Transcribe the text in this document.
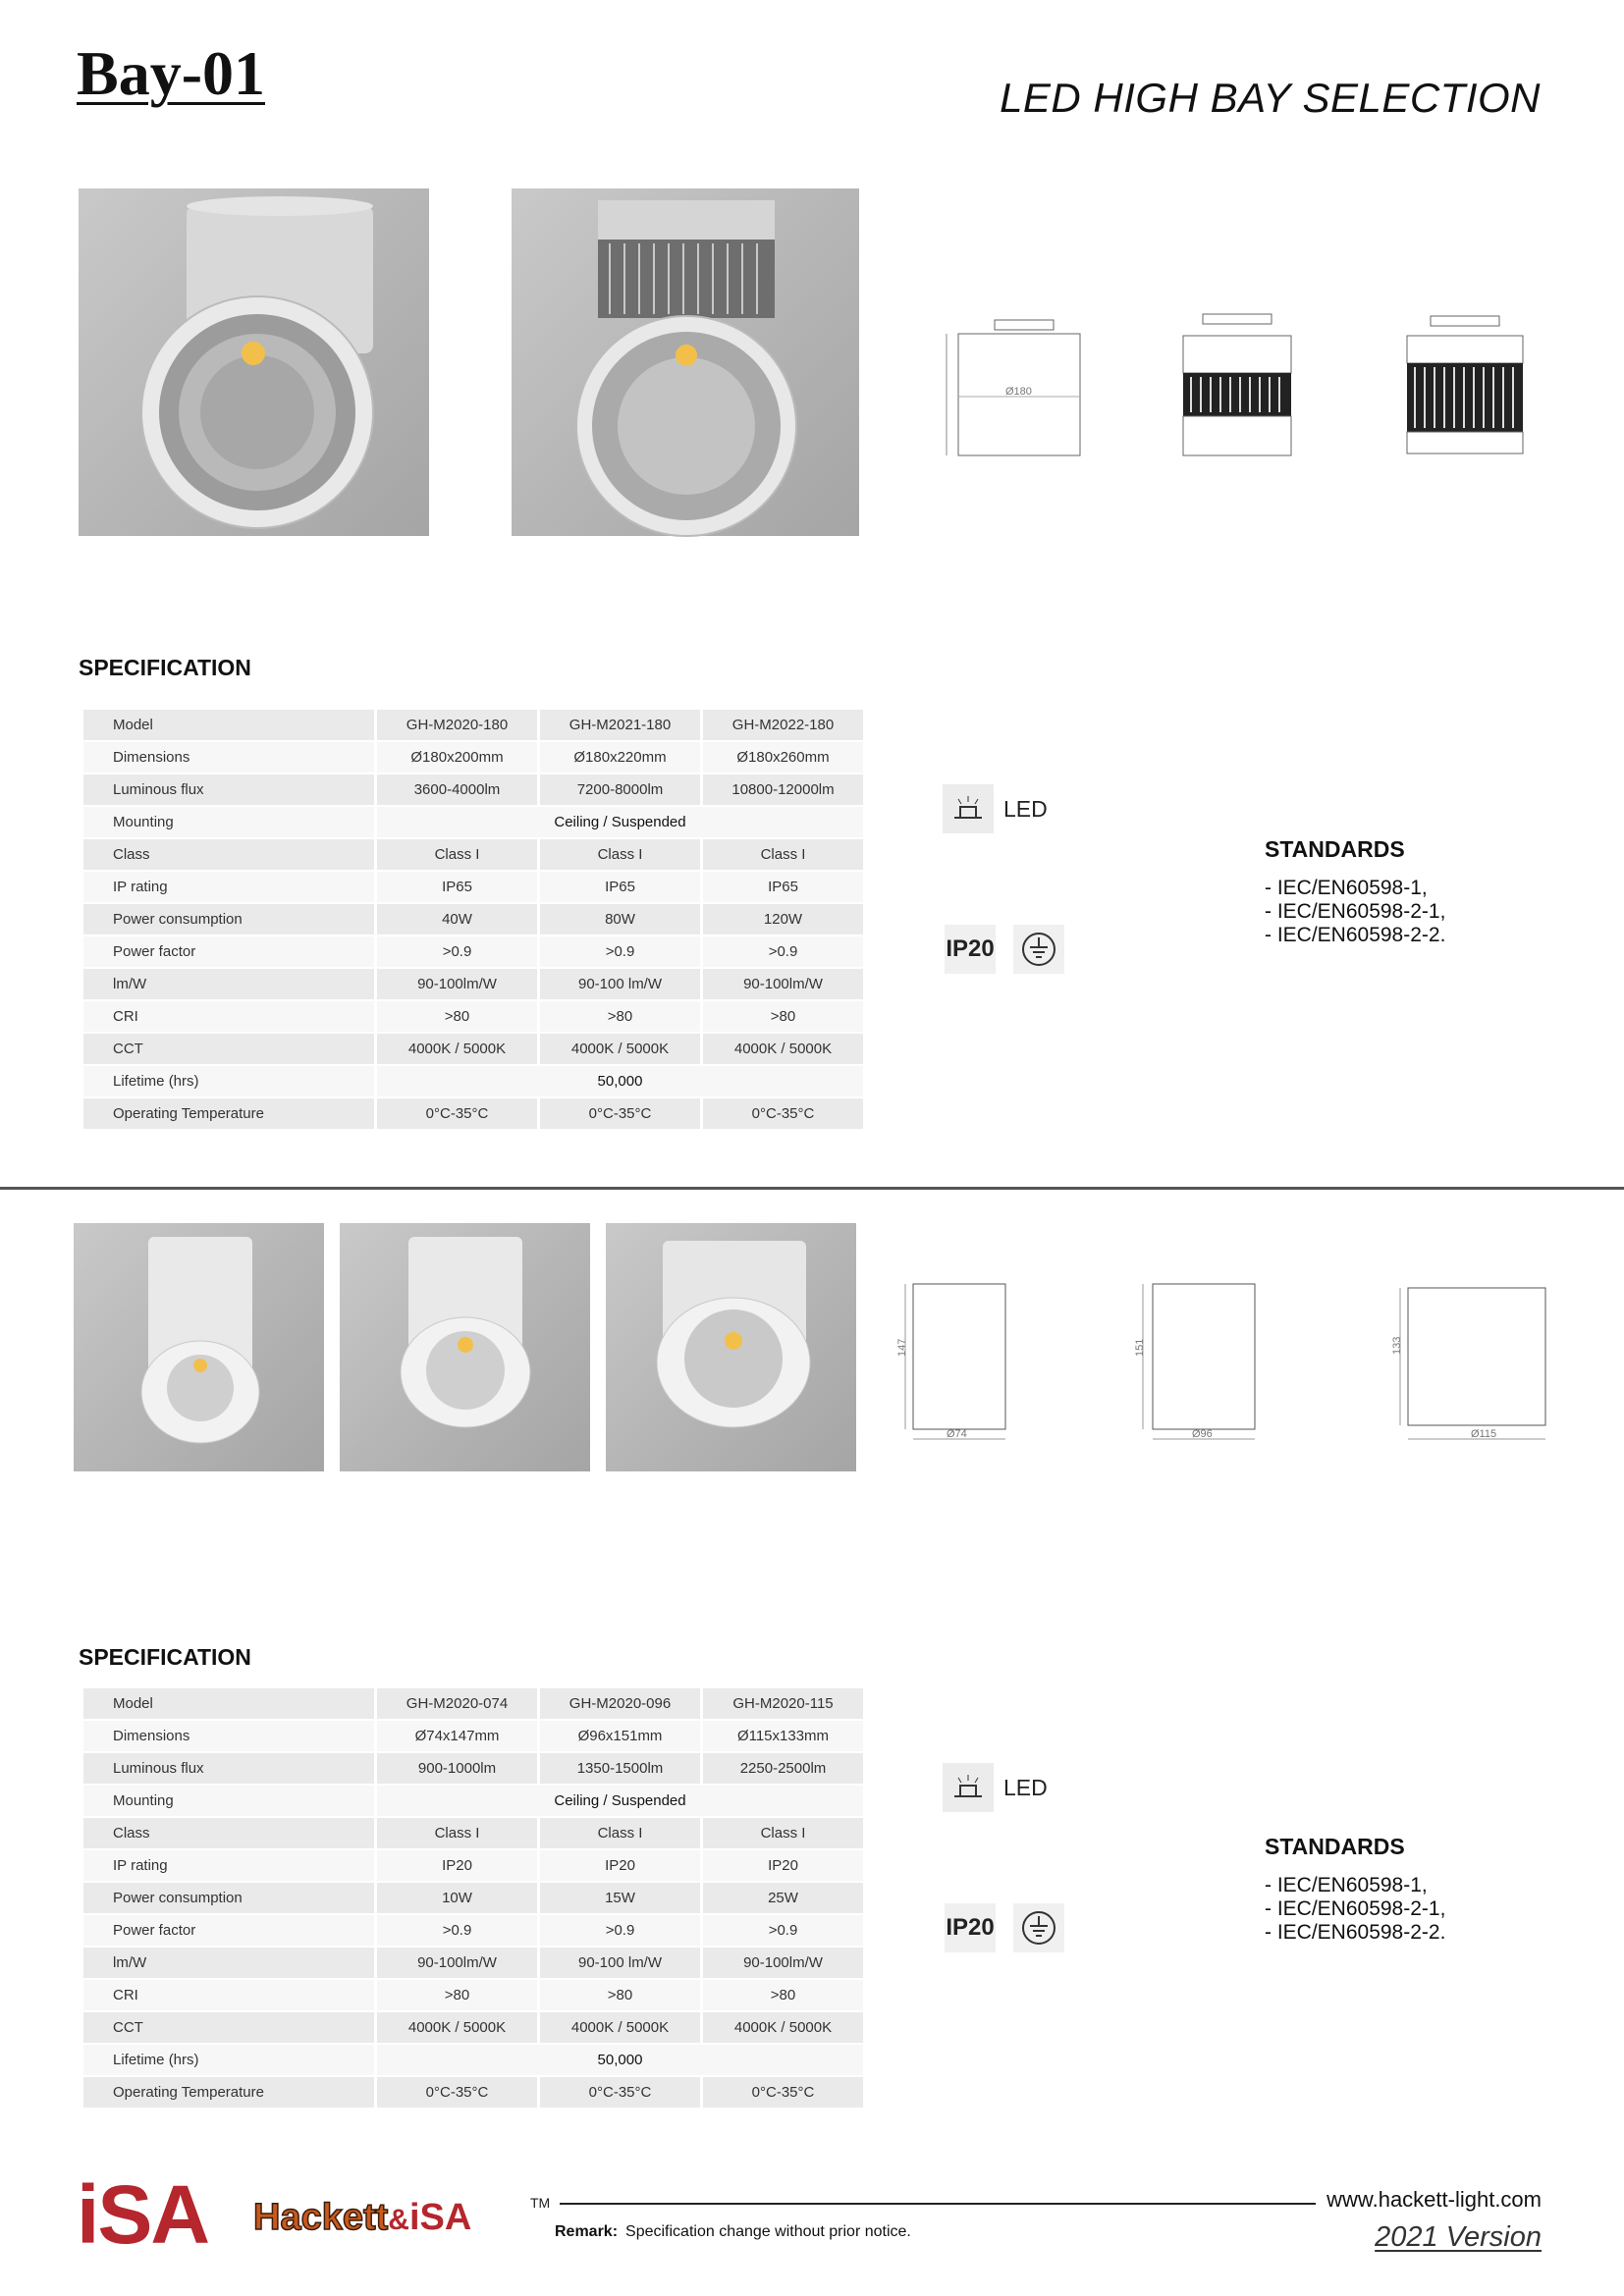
Bay-01	LED HIGH BAY SELECTION
Ø180
SPECIFICATION
Model	GH-M2020-180	GH-M2021-180	GH-M2022-180
Dimensions	Ø180x200mm	Ø180x220mm	Ø180x260mm
Luminous flux	3600-4000lm	7200-8000lm	10800-12000lm
Mounting	Ceiling / Suspended		
Class	Class I	Class I	Class I
IP rating	IP65	IP65	IP65
Power consumption	40W	80W	120W
Power factor	>0.9	>0.9	>0.9
lm/W	90-100lm/W	90-100 lm/W	90-100lm/W
CRI	>80	>80	>80
CCT	4000K / 5000K	4000K / 5000K	4000K / 5000K
Lifetime (hrs)	50,000		
Operating Temperature	0°C-35°C	0°C-35°C	0°C-35°C
LED
IP20
STANDARDS
- IEC/EN60598-1,
- IEC/EN60598-2-1,
- IEC/EN60598-2-2.
147
Ø74
151
Ø96
133
Ø115
SPECIFICATION
Model	GH-M2020-074	GH-M2020-096	GH-M2020-115
Dimensions	Ø74x147mm	Ø96x151mm	Ø115x133mm
Luminous flux	900-1000lm	1350-1500lm	2250-2500lm
Mounting	Ceiling / Suspended		
Class	Class I	Class I	Class I
IP rating	IP20	IP20	IP20
Power consumption	10W	15W	25W
Power factor	>0.9	>0.9	>0.9
lm/W	90-100lm/W	90-100 lm/W	90-100lm/W
CRI	>80	>80	>80
CCT	4000K / 5000K	4000K / 5000K	4000K / 5000K
Lifetime (hrs)	50,000		
Operating Temperature	0°C-35°C	0°C-35°C	0°C-35°C
LED
IP20
STANDARDS
- IEC/EN60598-1,
- IEC/EN60598-2-1,
- IEC/EN60598-2-2.
iSA Hackett&iSA	TM	www.hackett-light.com
Remark: Specification change without prior notice.	2021 Version
